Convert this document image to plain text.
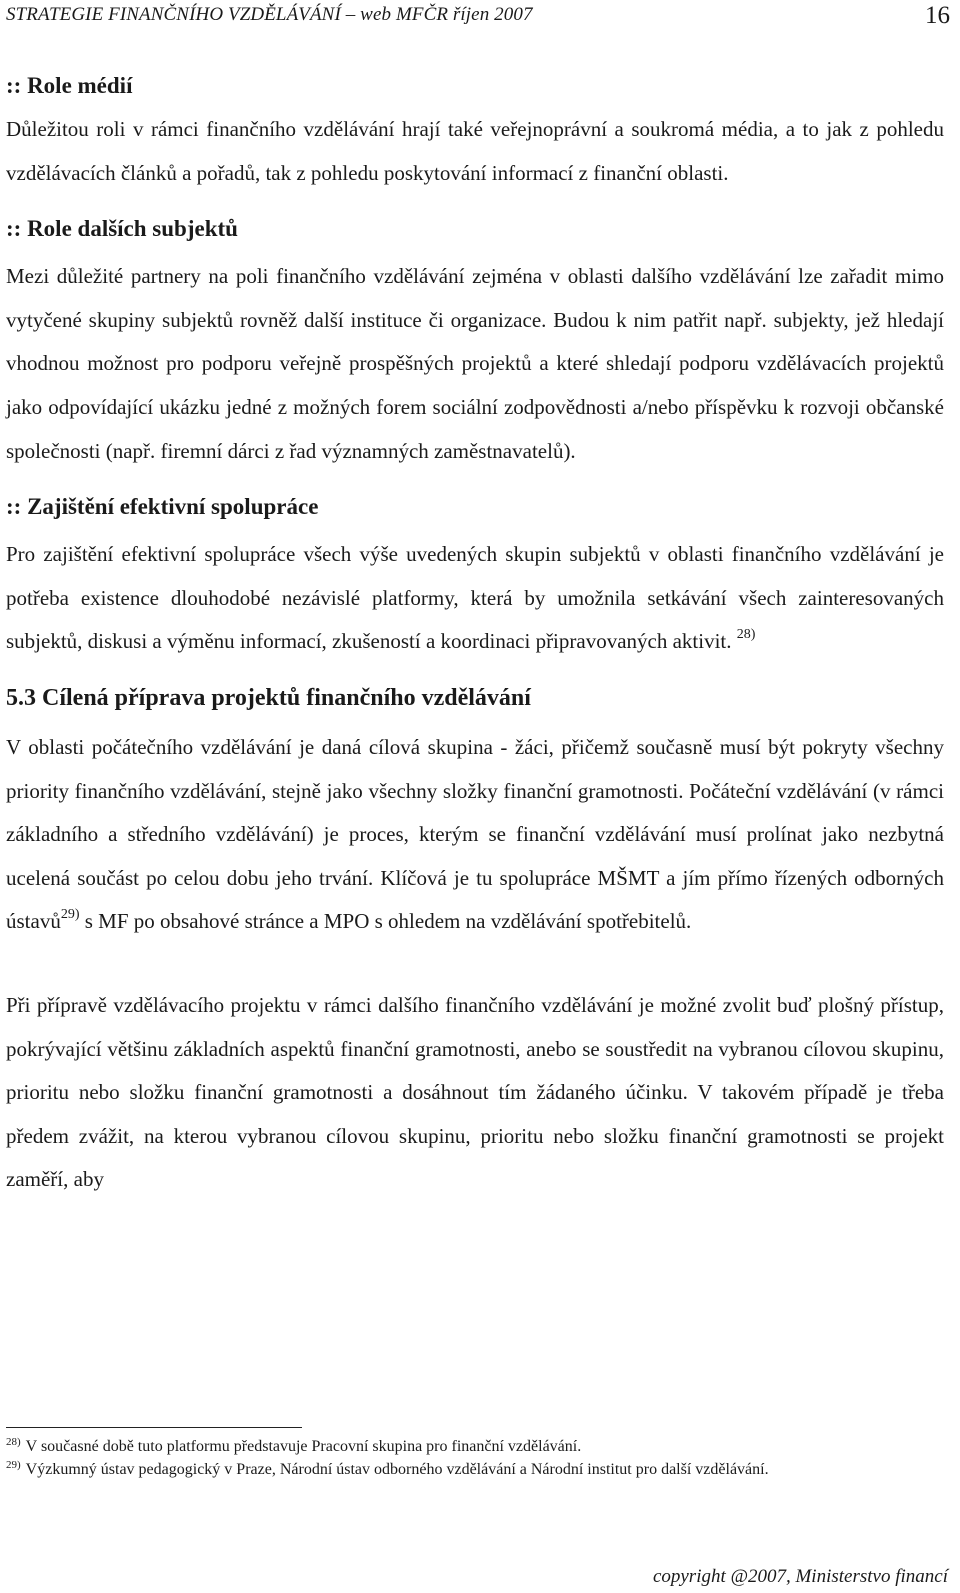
STRATEGIE FINANČNÍHO VZDĚLÁVÁNÍ – web MFČR říjen 2007	16
:: Role médií

Důležitou roli v rámci finančního vzdělávání hrají také veřejnoprávní a soukromá média, a to jak z pohledu vzdělávacích článků a pořadů, tak z pohledu poskytování informací z finanční oblasti.

:: Role dalších subjektů

Mezi důležité partnery na poli finančního vzdělávání zejména v oblasti dalšího vzdělávání lze zařadit mimo vytyčené skupiny subjektů rovněž další instituce či organizace. Budou k nim patřit např. subjekty, jež hledají vhodnou možnost pro podporu veřejně prospěšných projektů a které shledají podporu vzdělávacích projektů jako odpovídající ukázku jedné z možných forem sociální zodpovědnosti a/nebo příspěvku k rozvoji občanské společnosti (např. firemní dárci z řad významných zaměstnavatelů).

:: Zajištění efektivní spolupráce

Pro zajištění efektivní spolupráce všech výše uvedených skupin subjektů v oblasti finančního vzdělávání je potřeba existence dlouhodobé nezávislé platformy, která by umožnila setkávání všech zainteresovaných subjektů, diskusi a výměnu informací, zkušeností a koordinaci připravovaných aktivit. $^{28)}$

5.3 Cílená příprava projektů finančního vzdělávání

V oblasti počátečního vzdělávání je daná cílová skupina - žáci, přičemž současně musí být pokryty všechny priority finančního vzdělávání, stejně jako všechny složky finanční gramotnosti. Počáteční vzdělávání (v rámci základního a středního vzdělávání) je proces, kterým se finanční vzdělávání musí prolínat jako nezbytná ucelená součást po celou dobu jeho trvání. Klíčová je tu spolupráce MŠMT a jím přímo řízených odborných ústavů$^{29)}$ s MF po obsahové stránce a MPO s ohledem na vzdělávání spotřebitelů.

Při přípravě vzdělávacího projektu v rámci dalšího finančního vzdělávání je možné zvolit buď plošný přístup, pokrývající většinu základních aspektů finanční gramotnosti, anebo se soustředit na vybranou cílovou skupinu, prioritu nebo složku finanční gramotnosti a dosáhnout tím žádaného účinku. V takovém případě je třeba předem zvážit, na kterou vybranou cílovou skupinu, prioritu nebo složku finanční gramotnosti se projekt zaměří, aby

$^{28)}$ V současné době tuto platformu představuje Pracovní skupina pro finanční vzdělávání.
$^{29)}$ Výzkumný ústav pedagogický v Praze, Národní ústav odborného vzdělávání a Národní institut pro další vzdělávání.
copyright @2007, Ministerstvo financí
